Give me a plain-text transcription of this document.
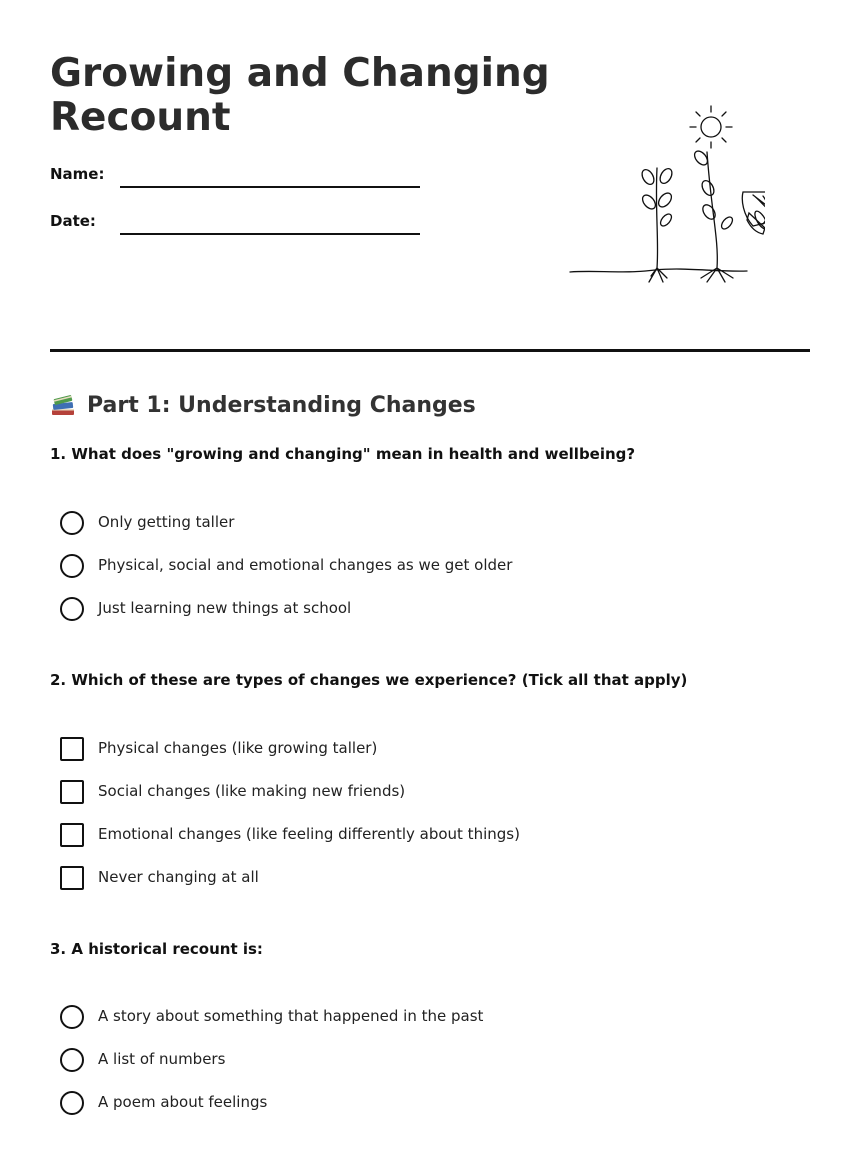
Growing and Changing Recount
Name:
Date:
Part 1: Understanding Changes
1. What does "growing and changing" mean in health and wellbeing?
Only getting taller
Physical, social and emotional changes as we get older
Just learning new things at school
2. Which of these are types of changes we experience? (Tick all that apply)
Physical changes (like growing taller)
Social changes (like making new friends)
Emotional changes (like feeling differently about things)
Never changing at all
3. A historical recount is:
A story about something that happened in the past
A list of numbers
A poem about feelings
